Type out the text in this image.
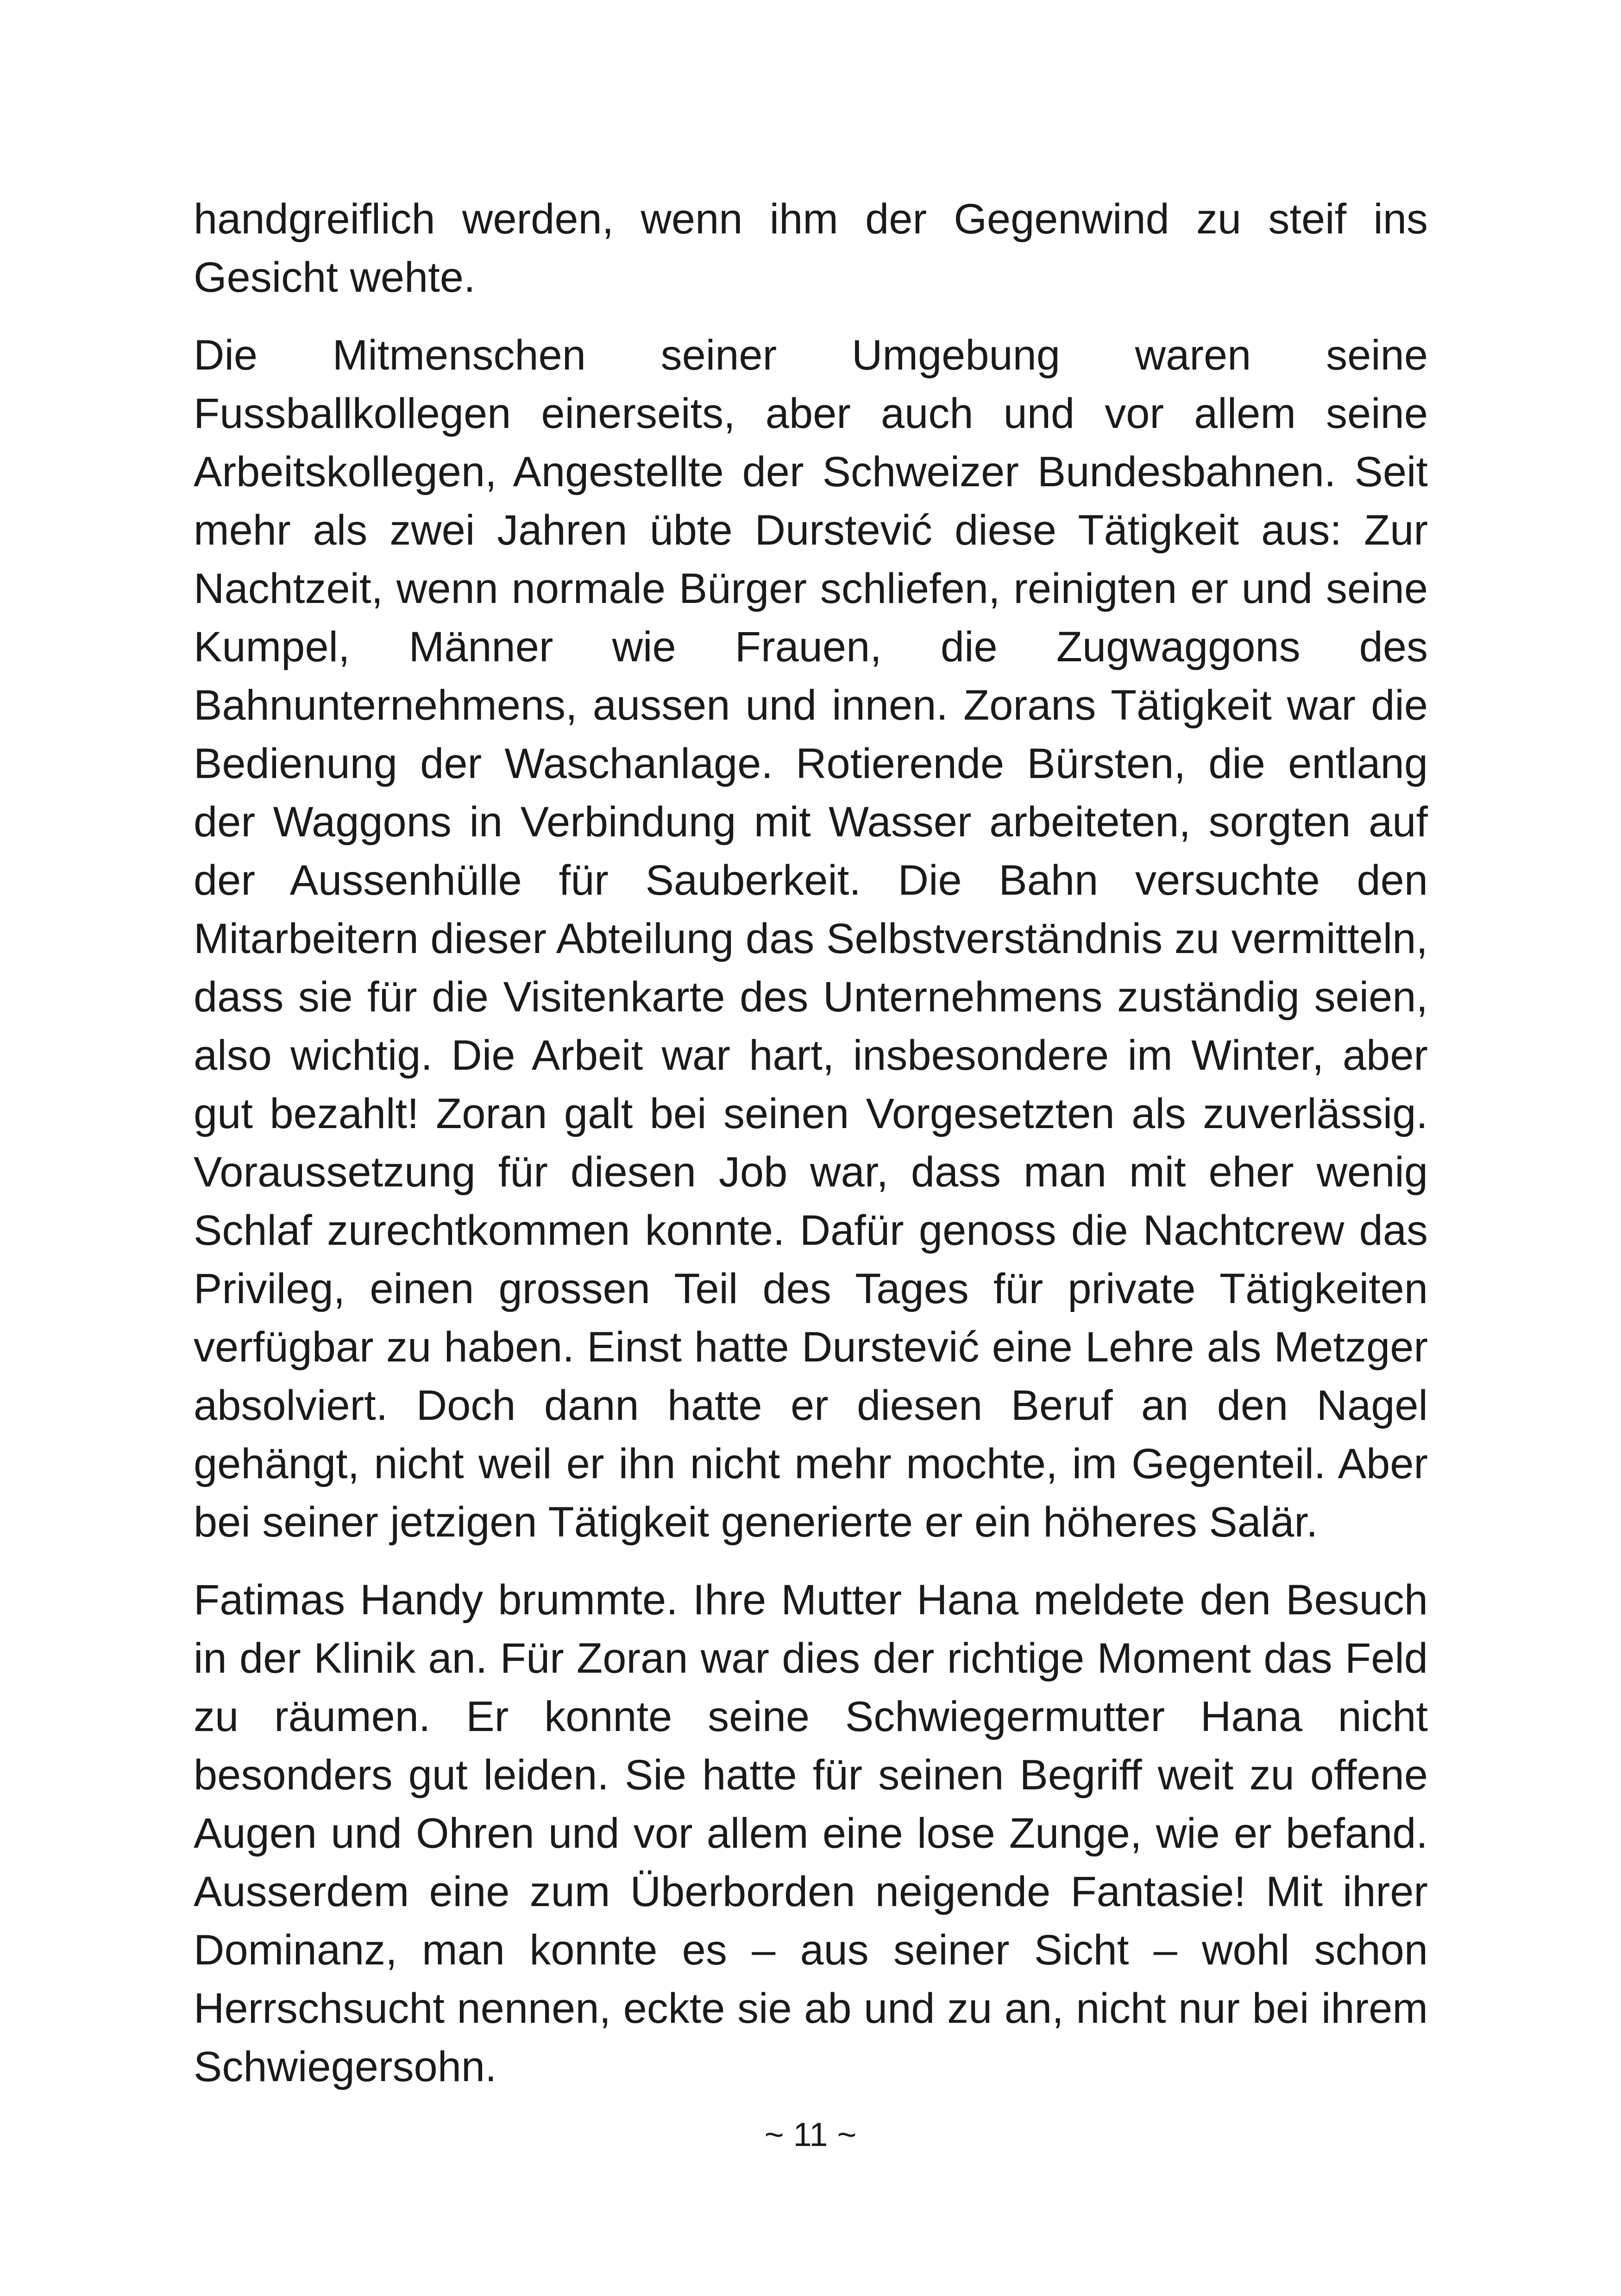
handgreiflich werden, wenn ihm der Gegenwind zu steif ins Gesicht wehte.

Die Mitmenschen seiner Umgebung waren seine Fussballkollegen einerseits, aber auch und vor allem seine Arbeitskollegen, Angestellte der Schweizer Bundesbahnen. Seit mehr als zwei Jahren übte Durstević diese Tätigkeit aus: Zur Nachtzeit, wenn normale Bürger schliefen, reinigten er und seine Kumpel, Männer wie Frauen, die Zugwaggons des Bahnunternehmens, aussen und innen. Zorans Tätigkeit war die Bedienung der Waschanlage. Rotierende Bürsten, die entlang der Waggons in Verbindung mit Wasser arbeiteten, sorgten auf der Aussenhülle für Sauberkeit. Die Bahn versuchte den Mitarbeitern dieser Abteilung das Selbstverständnis zu vermitteln, dass sie für die Visitenkarte des Unternehmens zuständig seien, also wichtig. Die Arbeit war hart, insbesondere im Winter, aber gut bezahlt! Zoran galt bei seinen Vorgesetzten als zuverlässig. Voraussetzung für diesen Job war, dass man mit eher wenig Schlaf zurechtkommen konnte. Dafür genoss die Nachtcrew das Privileg, einen grossen Teil des Tages für private Tätigkeiten verfügbar zu haben. Einst hatte Durstević eine Lehre als Metzger absolviert. Doch dann hatte er diesen Beruf an den Nagel gehängt, nicht weil er ihn nicht mehr mochte, im Gegenteil. Aber bei seiner jetzigen Tätigkeit generierte er ein höheres Salär.

Fatimas Handy brummte. Ihre Mutter Hana meldete den Besuch in der Klinik an. Für Zoran war dies der richtige Moment das Feld zu räumen. Er konnte seine Schwiegermutter Hana nicht besonders gut leiden. Sie hatte für seinen Begriff weit zu offene Augen und Ohren und vor allem eine lose Zunge, wie er befand. Ausserdem eine zum Überborden neigende Fantasie! Mit ihrer Dominanz, man konnte es – aus seiner Sicht – wohl schon Herrschsucht nennen, eckte sie ab und zu an, nicht nur bei ihrem Schwiegersohn.

~ 11 ~
